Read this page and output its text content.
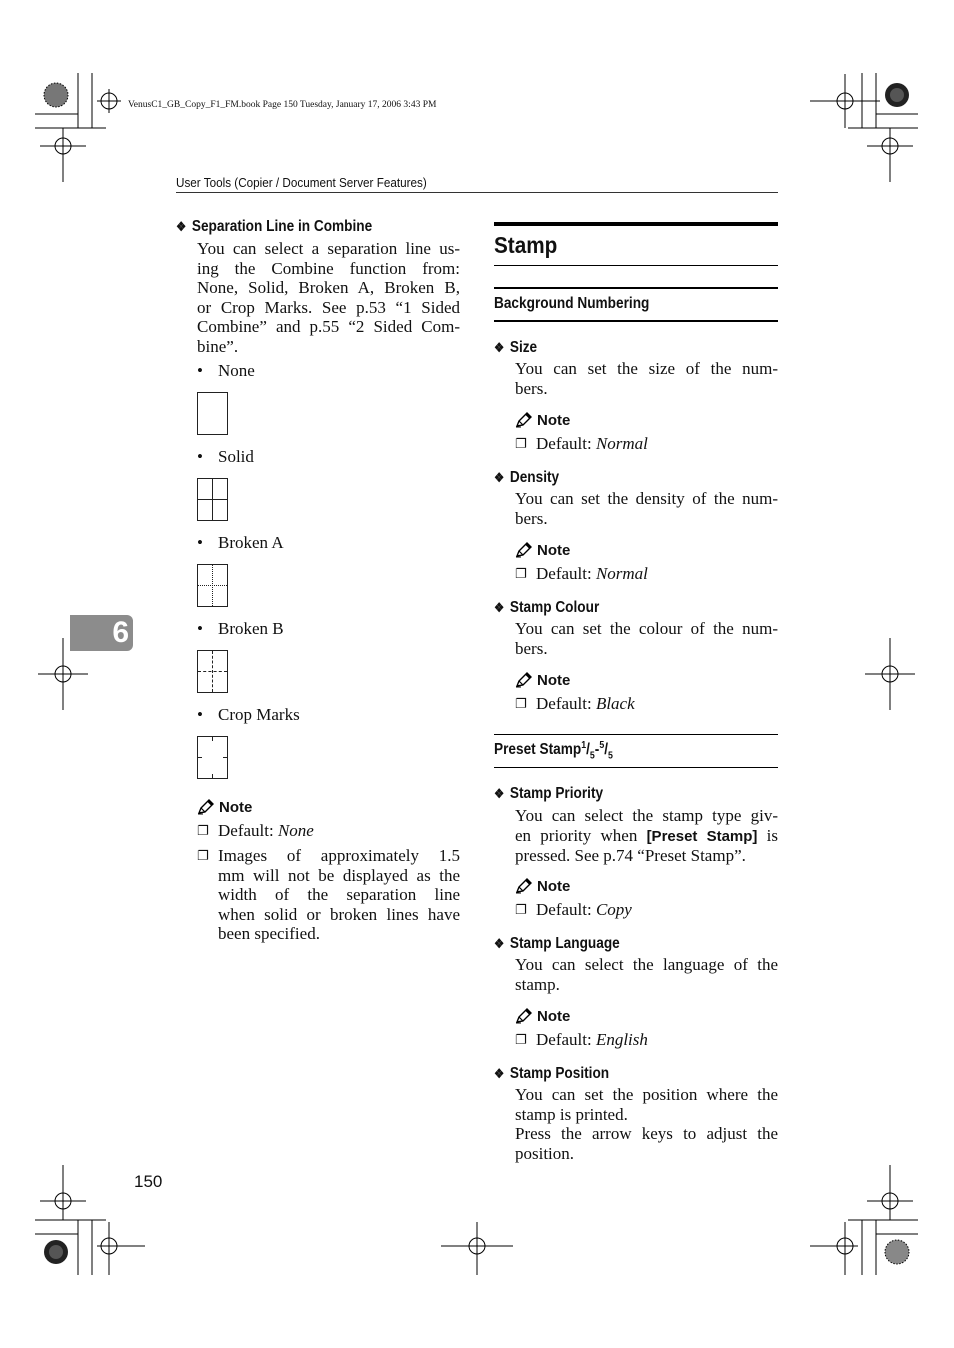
VenusC1_GB_Copy_F1_FM.book Page 150 Tuesday, January 17, 2006 3:43 PM
User Tools (Copier / Document Server Features)
6
150
❖ Separation Line in Combine
You can select a separation line us-
ing the Combine function from:
None, Solid, Broken A, Broken B,
or Crop Marks. See p.53 “1 Sided
Combine” and p.55 “2 Sided Com-
bine”.
• None
• Solid
• Broken A
• Broken B
• Crop Marks
Note
❐ Default: None
❐ Images of approximately 1.5
mm will not be displayed as the
width of the separation line
when solid or broken lines have
been specified.
Stamp
Background Numbering
❖ Size
You can set the size of the num-
bers.
Note
❐ Default: Normal
❖ Density
You can set the density of the num-
bers.
Note
❐ Default: Normal
❖ Stamp Colour
You can set the colour of the num-
bers.
Note
❐ Default: Black
Preset $Stamp^1/_5-^5/_5$
❖ Stamp Priority
You can select the stamp type giv-
en priority when [Preset Stamp] is
pressed. See p.74 “Preset Stamp”.
Note
❐ Default: Copy
❖ Stamp Language
You can select the language of the
stamp.
Note
❐ Default: English
❖ Stamp Position
You can set the position where the
stamp is printed.
Press the arrow keys to adjust the
position.
